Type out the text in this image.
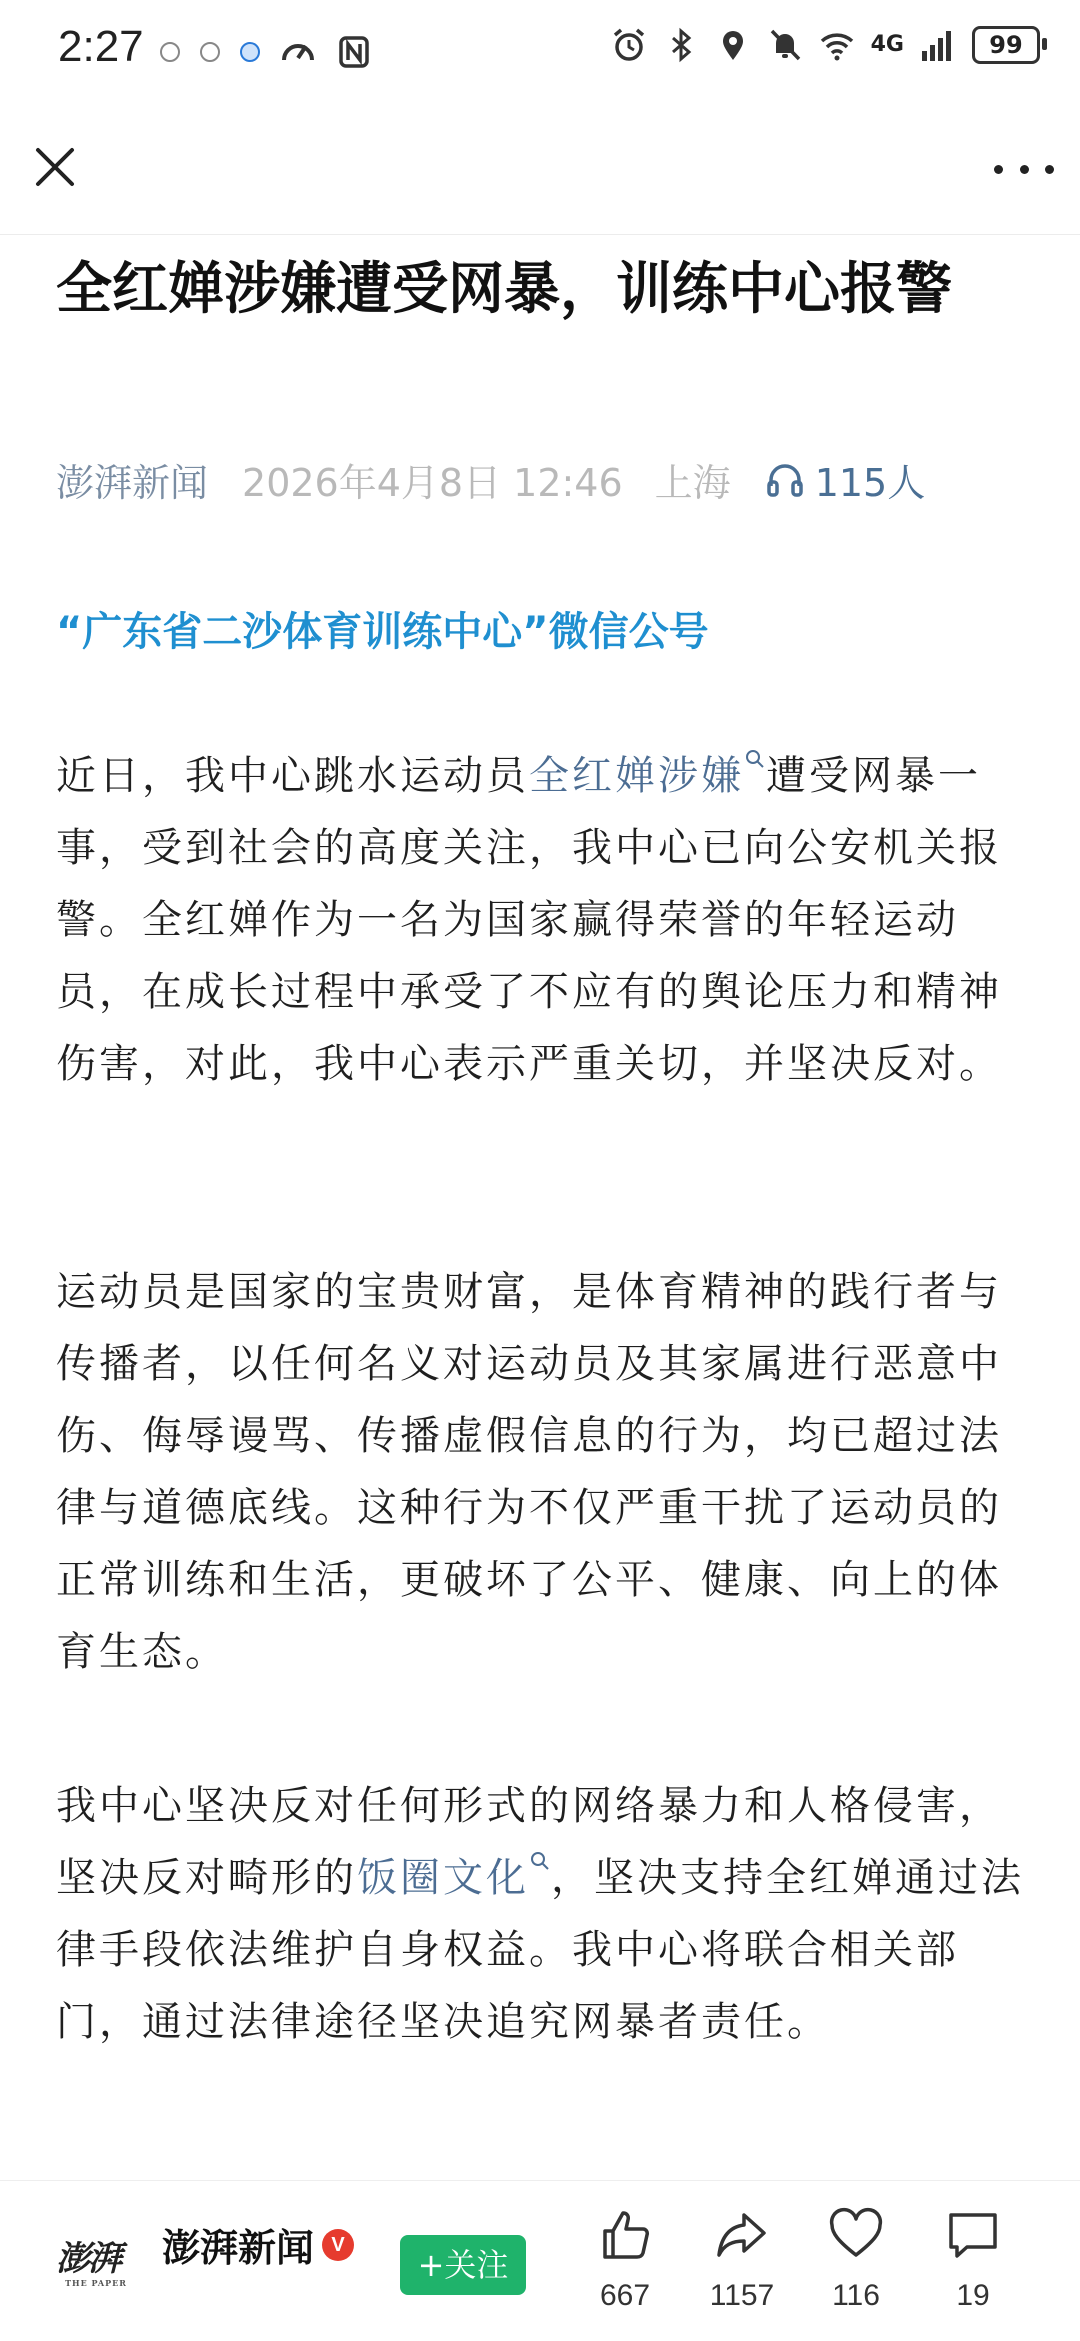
2:27	4G	99
全红婵涉嫌遭受网暴，训练中心报警
澎湃新闻 2026年4月8日 12:46 上海 115人
“广东省二沙体育训练中心”微信公号
近日，我中心跳水运动员全红婵涉嫌 遭受网暴一事，受到社会的高度关注，我中心已向公安机关报警。全红婵作为一名为国家赢得荣誉的年轻运动员，在成长过程中承受了不应有的舆论压力和精神伤害，对此，我中心表示严重关切，并坚决反对。
运动员是国家的宝贵财富，是体育精神的践行者与传播者，以任何名义对运动员及其家属进行恶意中伤、侮辱谩骂、传播虚假信息的行为，均已超过法律与道德底线。这种行为不仅严重干扰了运动员的正常训练和生活，更破坏了公平、健康、向上的体育生态。
我中心坚决反对任何形式的网络暴力和人格侵害，坚决反对畸形的饭圈文化 ，坚决支持全红婵通过法律手段依法维护自身权益。我中心将联合相关部门，通过法律途径坚决追究网暴者责任。
澎湃
THE PAPER
澎湃新闻 V
+关注
667	1157	116	19
